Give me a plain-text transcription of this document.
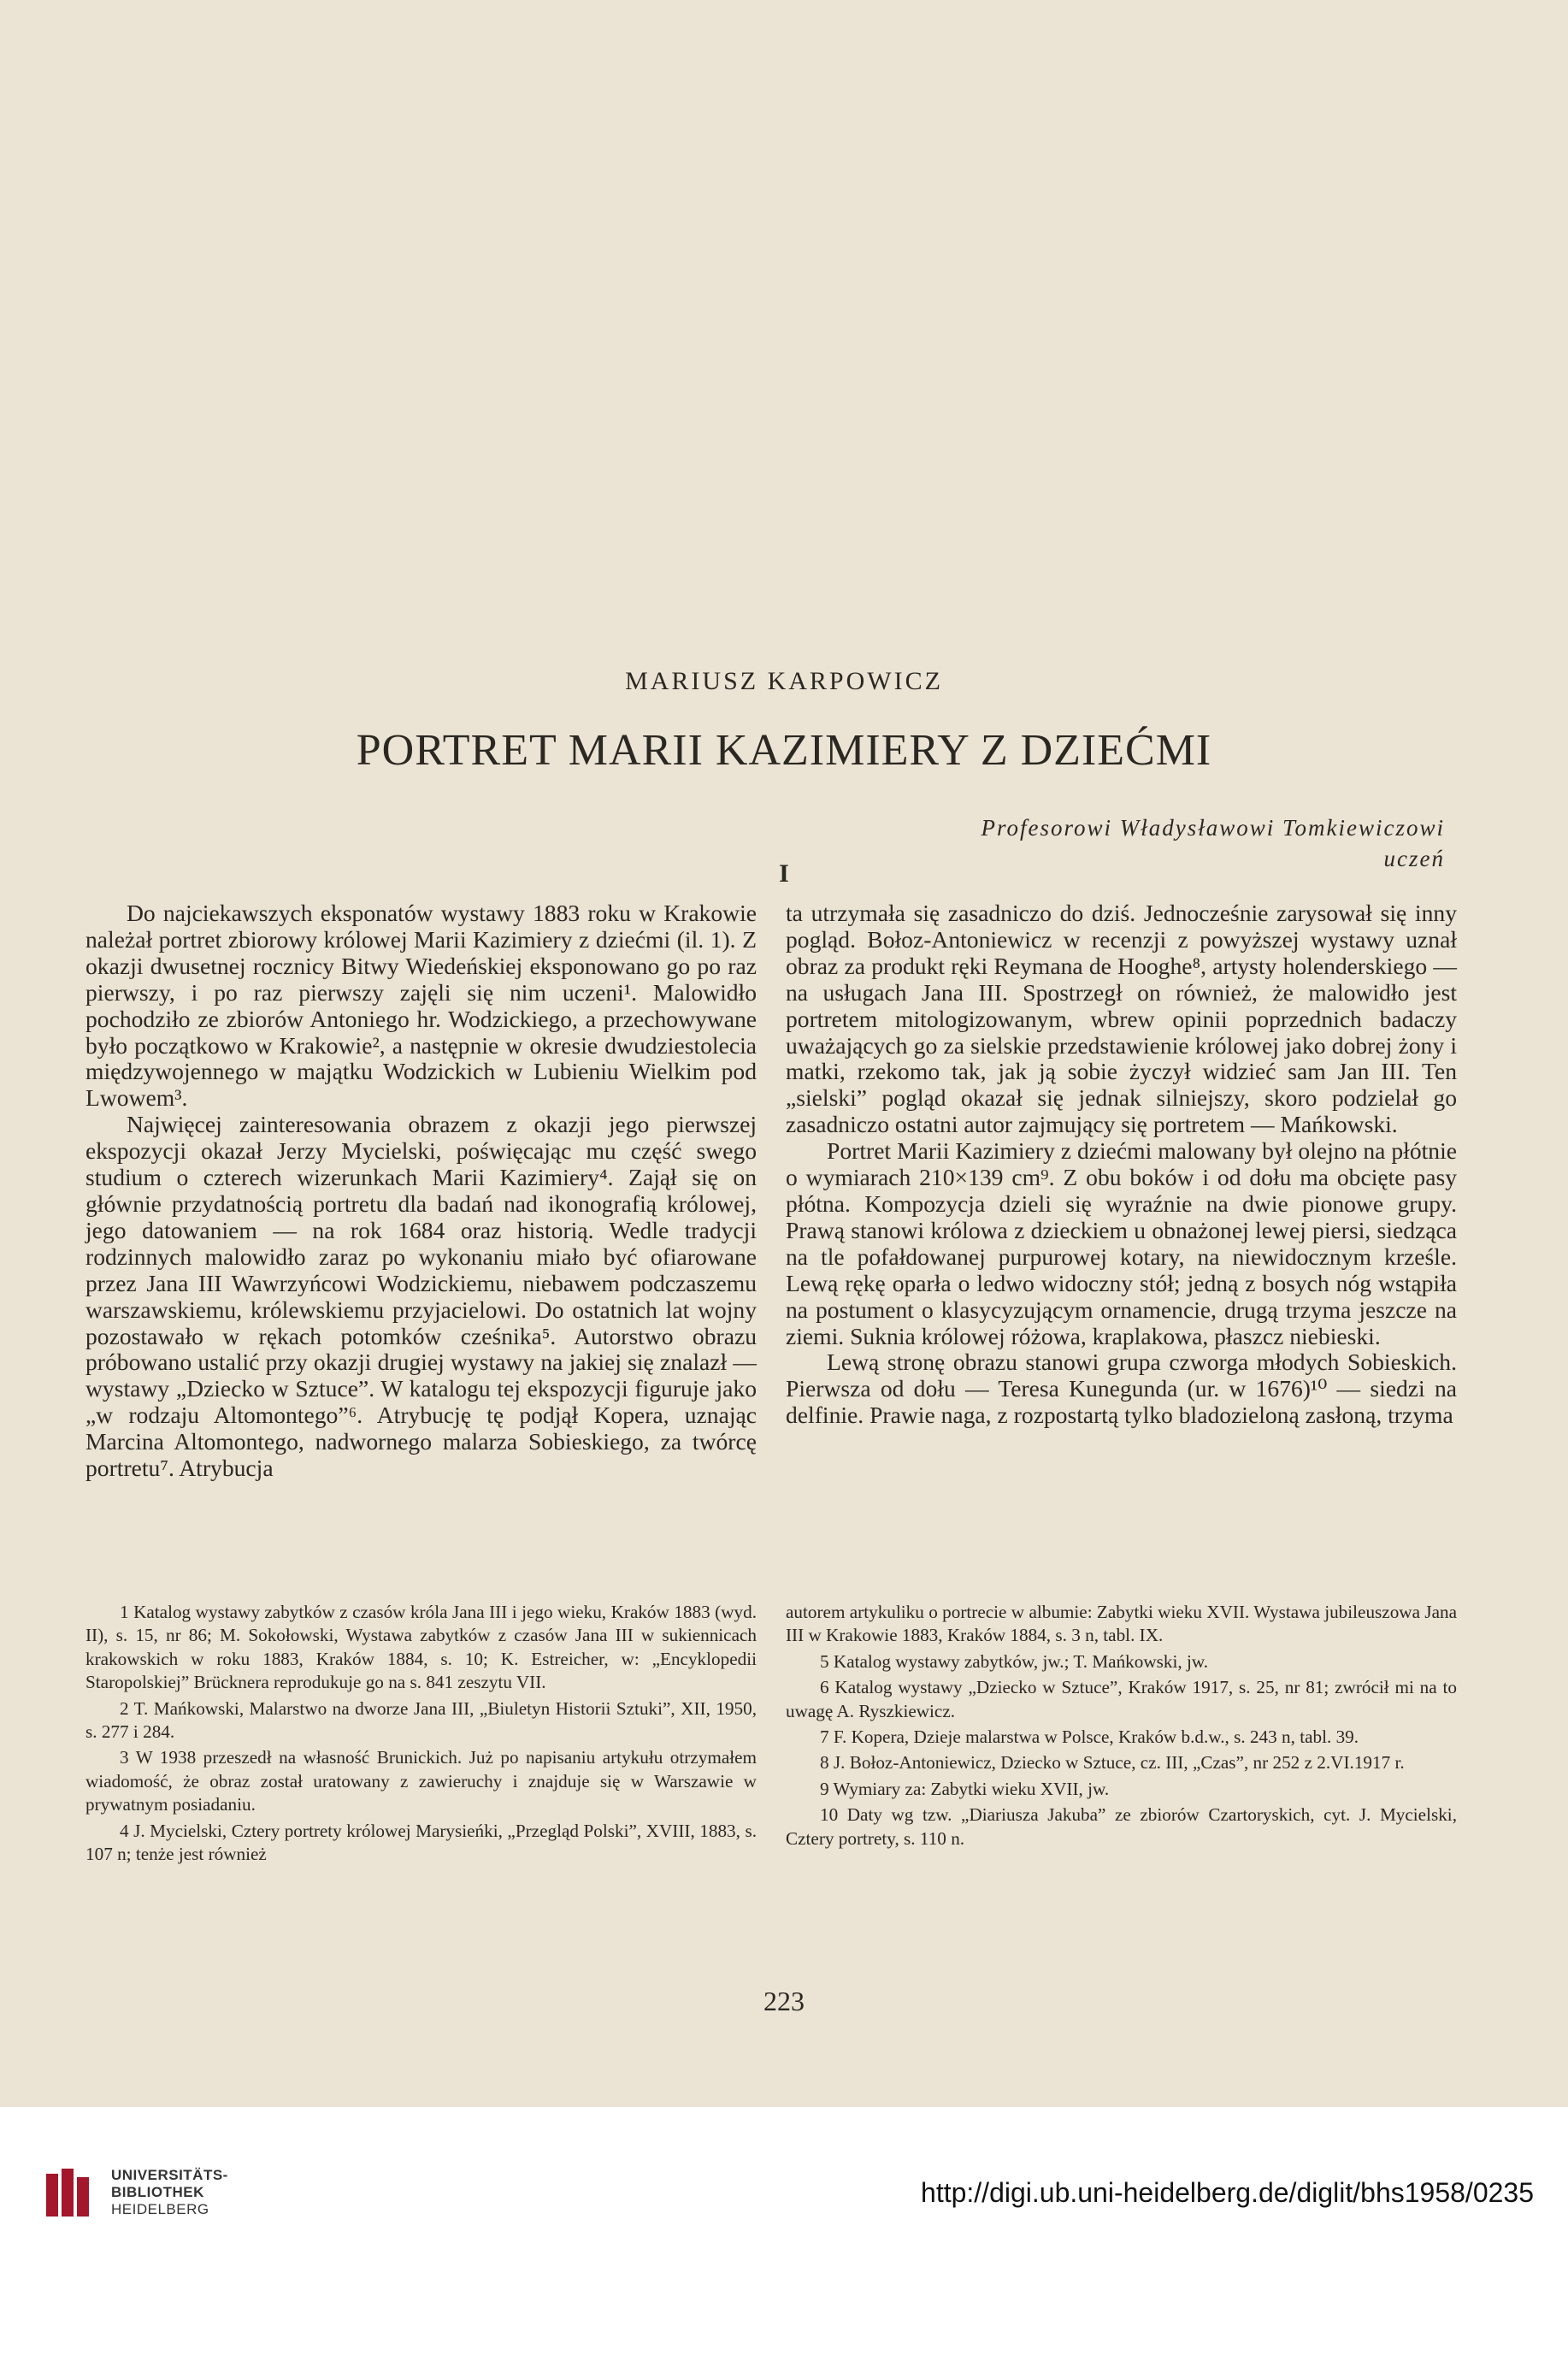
MARIUSZ KARPOWICZ
PORTRET MARII KAZIMIERY Z DZIEĆMI
Profesorowi Władysławowi Tomkiewiczowi
uczeń
I

Do najciekawszych eksponatów wystawy 1883 roku w Krakowie należał portret zbiorowy królowej Marii Kazimiery z dziećmi (il. 1). Z okazji dwusetnej rocznicy Bitwy Wiedeńskiej eksponowano go po raz pierwszy, i po raz pierwszy zajęli się nim uczeni¹. Malowidło pochodziło ze zbiorów Antoniego hr. Wodzickiego, a przechowywane było początkowo w Krakowie², a następnie w okresie dwudziestolecia międzywojennego w majątku Wodzickich w Lubieniu Wielkim pod Lwowem³.

Najwięcej zainteresowania obrazem z okazji jego pierwszej ekspozycji okazał Jerzy Mycielski, poświęcając mu część swego studium o czterech wizerunkach Marii Kazimiery⁴. Zajął się on głównie przydatnością portretu dla badań nad ikonografią królowej, jego datowaniem — na rok 1684 oraz historią. Wedle tradycji rodzinnych malowidło zaraz po wykonaniu miało być ofiarowane przez Jana III Wawrzyńcowi Wodzickiemu, niebawem podczaszemu warszawskiemu, królewskiemu przyjacielowi. Do ostatnich lat wojny pozostawało w rękach potomków cześnika⁵. Autorstwo obrazu próbowano ustalić przy okazji drugiej wystawy na jakiej się znalazł — wystawy „Dziecko w Sztuce”. W katalogu tej ekspozycji figuruje jako „w rodzaju Altomontego”⁶. Atrybucję tę podjął Kopera, uznając Marcina Altomontego, nadwornego malarza Sobieskiego, za twórcę portretu⁷. Atrybucja

ta utrzymała się zasadniczo do dziś. Jednocześnie zarysował się inny pogląd. Bołoz-Antoniewicz w recenzji z powyższej wystawy uznał obraz za produkt ręki Reymana de Hooghe⁸, artysty holenderskiego — na usługach Jana III. Spostrzegł on również, że malowidło jest portretem mitologizowanym, wbrew opinii poprzednich badaczy uważających go za sielskie przedstawienie królowej jako dobrej żony i matki, rzekomo tak, jak ją sobie życzył widzieć sam Jan III. Ten „sielski” pogląd okazał się jednak silniejszy, skoro podzielał go zasadniczo ostatni autor zajmujący się portretem — Mańkowski.

Portret Marii Kazimiery z dziećmi malowany był olejno na płótnie o wymiarach 210×139 cm⁹. Z obu boków i od dołu ma obcięte pasy płótna. Kompozycja dzieli się wyraźnie na dwie pionowe grupy. Prawą stanowi królowa z dzieckiem u obnażonej lewej piersi, siedząca na tle pofałdowanej purpurowej kotary, na niewidocznym krześle. Lewą rękę oparła o ledwo widoczny stół; jedną z bosych nóg wstąpiła na postument o klasycyzującym ornamencie, drugą trzyma jeszcze na ziemi. Suknia królowej różowa, kraplakowa, płaszcz niebieski.

Lewą stronę obrazu stanowi grupa czworga młodych Sobieskich. Pierwsza od dołu — Teresa Kunegunda (ur. w 1676)¹⁰ — siedzi na delfinie. Prawie naga, z rozpostartą tylko bladozieloną zasłoną, trzyma

1 Katalog wystawy zabytków z czasów króla Jana III i jego wieku, Kraków 1883 (wyd. II), s. 15, nr 86; M. Sokołowski, Wystawa zabytków z czasów Jana III w sukiennicach krakowskich w roku 1883, Kraków 1884, s. 10; K. Estreicher, w: „Encyklopedii Staropolskiej” Brücknera reprodukuje go na s. 841 zeszytu VII.

2 T. Mańkowski, Malarstwo na dworze Jana III, „Biuletyn Historii Sztuki”, XII, 1950, s. 277 i 284.

3 W 1938 przeszedł na własność Brunickich. Już po napisaniu artykułu otrzymałem wiadomość, że obraz został uratowany z zawieruchy i znajduje się w Warszawie w prywatnym posiadaniu.

4 J. Mycielski, Cztery portrety królowej Marysieńki, „Przegląd Polski”, XVIII, 1883, s. 107 n; tenże jest również

autorem artykuliku o portrecie w albumie: Zabytki wieku XVII. Wystawa jubileuszowa Jana III w Krakowie 1883, Kraków 1884, s. 3 n, tabl. IX.

5 Katalog wystawy zabytków, jw.; T. Mańkowski, jw.

6 Katalog wystawy „Dziecko w Sztuce”, Kraków 1917, s. 25, nr 81; zwrócił mi na to uwagę A. Ryszkiewicz.

7 F. Kopera, Dzieje malarstwa w Polsce, Kraków b.d.w., s. 243 n, tabl. 39.

8 J. Bołoz-Antoniewicz, Dziecko w Sztuce, cz. III, „Czas”, nr 252 z 2.VI.1917 r.

9 Wymiary za: Zabytki wieku XVII, jw.

10 Daty wg tzw. „Diariusza Jakuba” ze zbiorów Czartoryskich, cyt. J. Mycielski, Cztery portrety, s. 110 n.

223
UNIVERSITÄTS-
BIBLIOTHEK
HEIDELBERG
http://digi.ub.uni-heidelberg.de/diglit/bhs1958/0235
